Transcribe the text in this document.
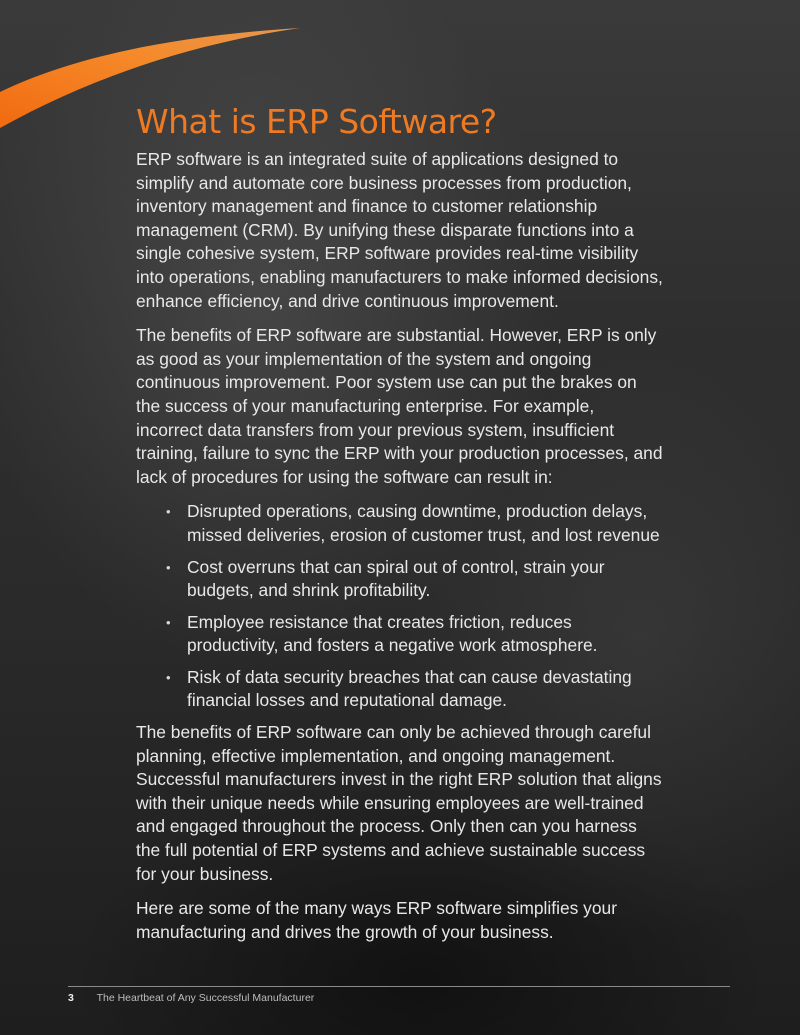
What is ERP Software?

ERP software is an integrated suite of applications designed to simplify and automate core business processes from production, inventory management and finance to customer relationship management (CRM). By unifying these disparate functions into a single cohesive system, ERP software provides real-time visibility into operations, enabling manufacturers to make informed decisions, enhance efficiency, and drive continuous improvement.

The benefits of ERP software are substantial. However, ERP is only as good as your implementation of the system and ongoing continuous improvement. Poor system use can put the brakes on the success of your manufacturing enterprise. For example, incorrect data transfers from your previous system, insufficient training, failure to sync the ERP with your production processes, and lack of procedures for using the software can result in:

• Disrupted operations, causing downtime, production delays, missed deliveries, erosion of customer trust, and lost revenue
• Cost overruns that can spiral out of control, strain your budgets, and shrink profitability.
• Employee resistance that creates friction, reduces productivity, and fosters a negative work atmosphere.
• Risk of data security breaches that can cause devastating financial losses and reputational damage.

The benefits of ERP software can only be achieved through careful planning, effective implementation, and ongoing management. Successful manufacturers invest in the right ERP solution that aligns with their unique needs while ensuring employees are well-trained and engaged throughout the process. Only then can you harness the full potential of ERP systems and achieve sustainable success for your business.

Here are some of the many ways ERP software simplifies your manufacturing and drives the growth of your business.

3 The Heartbeat of Any Successful Manufacturer
